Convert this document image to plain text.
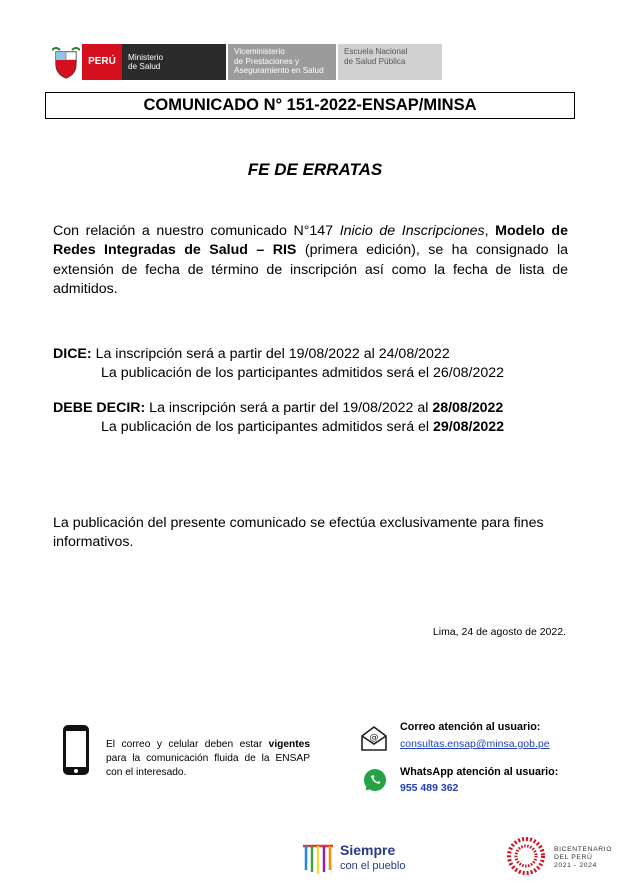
PERÚ	Ministerio
de Salud
Viceministerio
de Prestaciones y
Aseguramiento en Salud
Escuela Nacional
de Salud Pública
COMUNICADO N° 151-2022-ENSAP/MINSA
FE DE ERRATAS
Con relación a nuestro comunicado N°147 Inicio de Inscripciones, Modelo de Redes Integradas de Salud – RIS (primera edición), se ha consignado la extensión de fecha de término de inscripción así como la fecha de lista de admitidos.
DICE: La inscripción será a partir del 19/08/2022 al 24/08/2022
La publicación de los participantes admitidos será el 26/08/2022
DEBE DECIR: La inscripción será a partir del 19/08/2022 al 28/08/2022
La publicación de los participantes admitidos será el 29/08/2022
La publicación del presente comunicado se efectúa exclusivamente para fines informativos.
Lima, 24 de agosto de 2022.
El correo y celular deben estar vigentes para la comunicación fluida de la ENSAP con el interesado.
@
Correo atención al usuario:
consultas.ensap@minsa.gob.pe
WhatsApp atención al usuario:
955 489 362
Siempre
con el pueblo
BICENTENARIO
DEL PERÚ
2021 - 2024
